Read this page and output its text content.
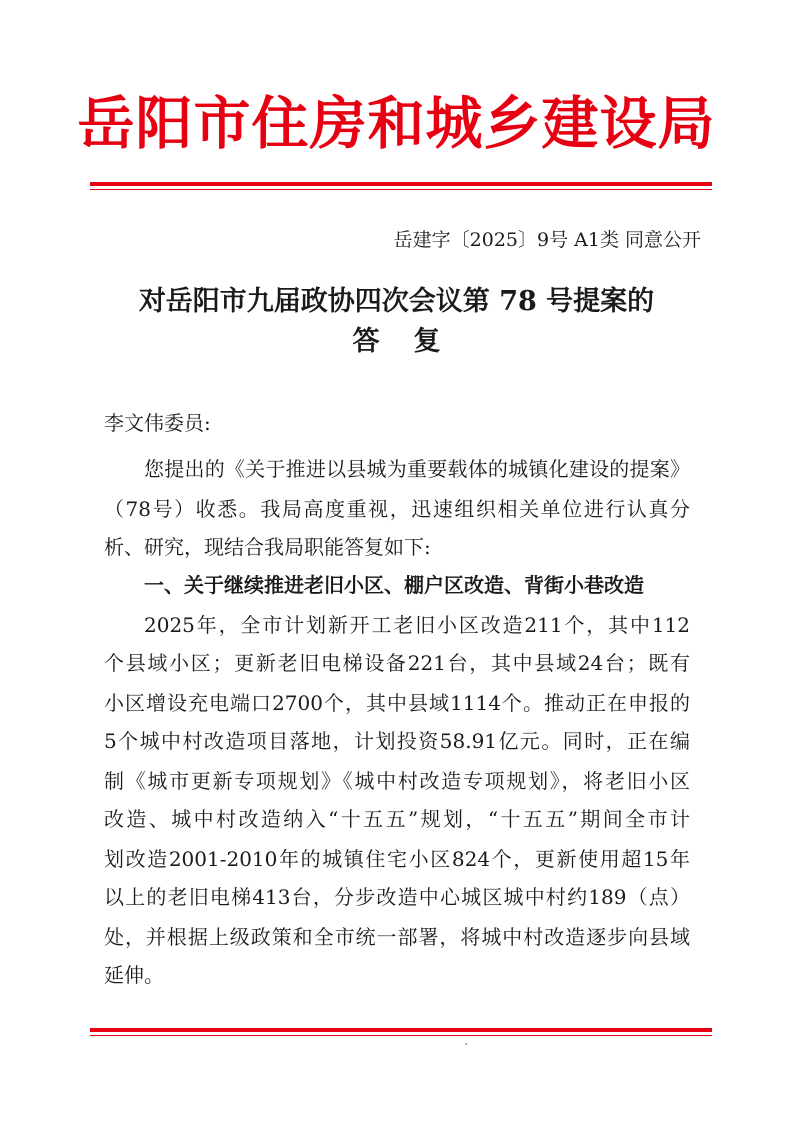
岳阳市住房和城乡建设局
岳建字〔2025〕9号 A1类 同意公开
对岳阳市九届政协四次会议第 78 号提案的
答复
李文伟委员:
您提出的《关于推进以县城为重要载体的城镇化建设的提案》
（78号）收悉。我局高度重视，迅速组织相关单位进行认真分
析、研究，现结合我局职能答复如下:
一、关于继续推进老旧小区、棚户区改造、背街小巷改造
2025年，全市计划新开工老旧小区改造211个，其中112
个县域小区；更新老旧电梯设备221台，其中县域24台；既有
小区增设充电端口2700个，其中县域1114个。推动正在申报的
5个城中村改造项目落地，计划投资58.91亿元。同时，正在编
制《城市更新专项规划》《城中村改造专项规划》，将老旧小区
改造、城中村改造纳入“十五五”规划，“十五五”期间全市计
划改造2001-2010年的城镇住宅小区824个，更新使用超15年
以上的老旧电梯413台，分步改造中心城区城中村约189（点）
处，并根据上级政策和全市统一部署，将城中村改造逐步向县域
延伸。
